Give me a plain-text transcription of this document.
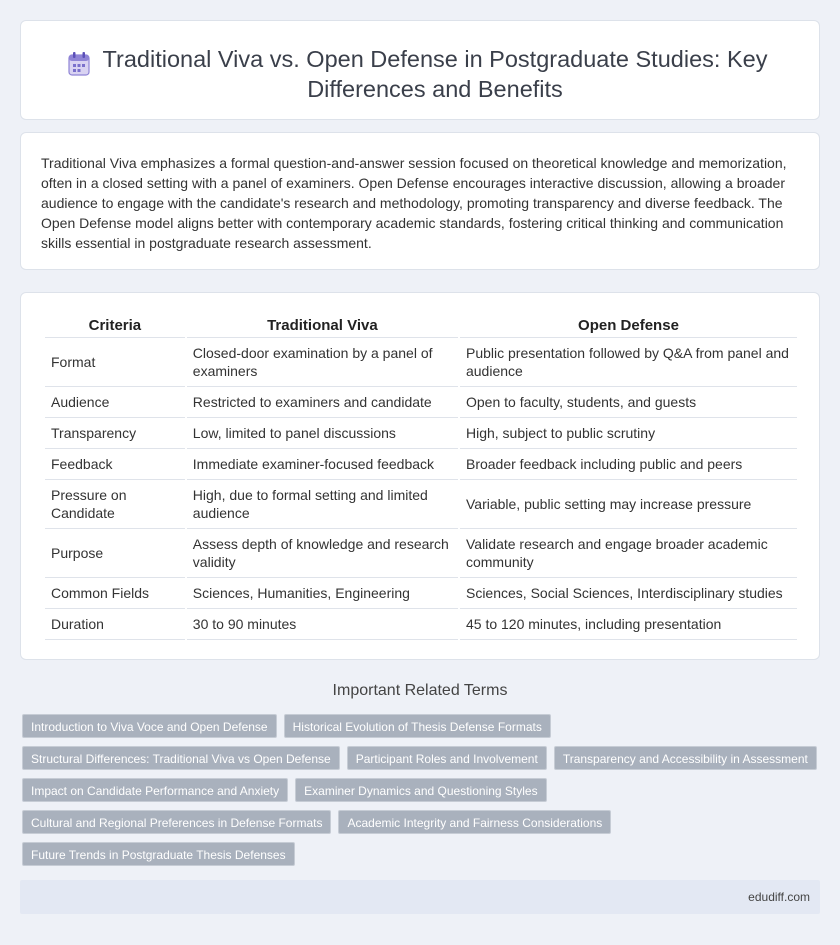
Traditional Viva vs. Open Defense in Postgraduate Studies: Key Differences and Benefits

Traditional Viva emphasizes a formal question-and-answer session focused on theoretical knowledge and memorization, often in a closed setting with a panel of examiners. Open Defense encourages interactive discussion, allowing a broader audience to engage with the candidate's research and methodology, promoting transparency and diverse feedback. The Open Defense model aligns better with contemporary academic standards, fostering critical thinking and communication skills essential in postgraduate research assessment.

Criteria	Traditional Viva	Open Defense
Format	Closed-door examination by a panel of examiners	Public presentation followed by Q&A from panel and audience
Audience	Restricted to examiners and candidate	Open to faculty, students, and guests
Transparency	Low, limited to panel discussions	High, subject to public scrutiny
Feedback	Immediate examiner-focused feedback	Broader feedback including public and peers
Pressure on Candidate	High, due to formal setting and limited audience	Variable, public setting may increase pressure
Purpose	Assess depth of knowledge and research validity	Validate research and engage broader academic community
Common Fields	Sciences, Humanities, Engineering	Sciences, Social Sciences, Interdisciplinary studies
Duration	30 to 90 minutes	45 to 120 minutes, including presentation
Important Related Terms
Introduction to Viva Voce and Open Defense	Historical Evolution of Thesis Defense Formats
Structural Differences: Traditional Viva vs Open Defense	Participant Roles and Involvement	Transparency and Accessibility in Assessment
Impact on Candidate Performance and Anxiety	Examiner Dynamics and Questioning Styles
Cultural and Regional Preferences in Defense Formats	Academic Integrity and Fairness Considerations
Future Trends in Postgraduate Thesis Defenses
edudiff.com
